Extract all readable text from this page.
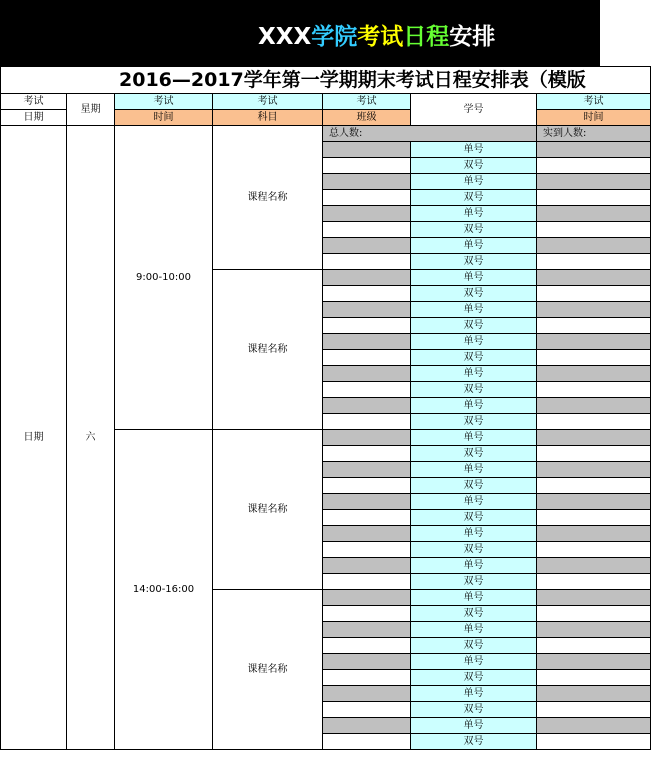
XXX学院考试日程安排
2016—2017学年第一学期期末考试日程安排表（模版						
考试	星期	考试	考试	考试	学号	考试
日期		时间	科目	班级		时间
日期	六	9:00-10:00	课程名称	总人数:		实到人数:
					单号	
					双号	
					单号	
					双号	
					单号	
					双号	
					单号	
					双号	
			课程名称		单号	
					双号	
					单号	
					双号	
					单号	
					双号	
					单号	
					双号	
					单号	
					双号	
		14:00-16:00	课程名称		单号	
					双号	
					单号	
					双号	
					单号	
					双号	
					单号	
					双号	
					单号	
					双号	
			课程名称		单号	
					双号	
					单号	
					双号	
					单号	
					双号	
					单号	
					双号	
					单号	
					双号	
